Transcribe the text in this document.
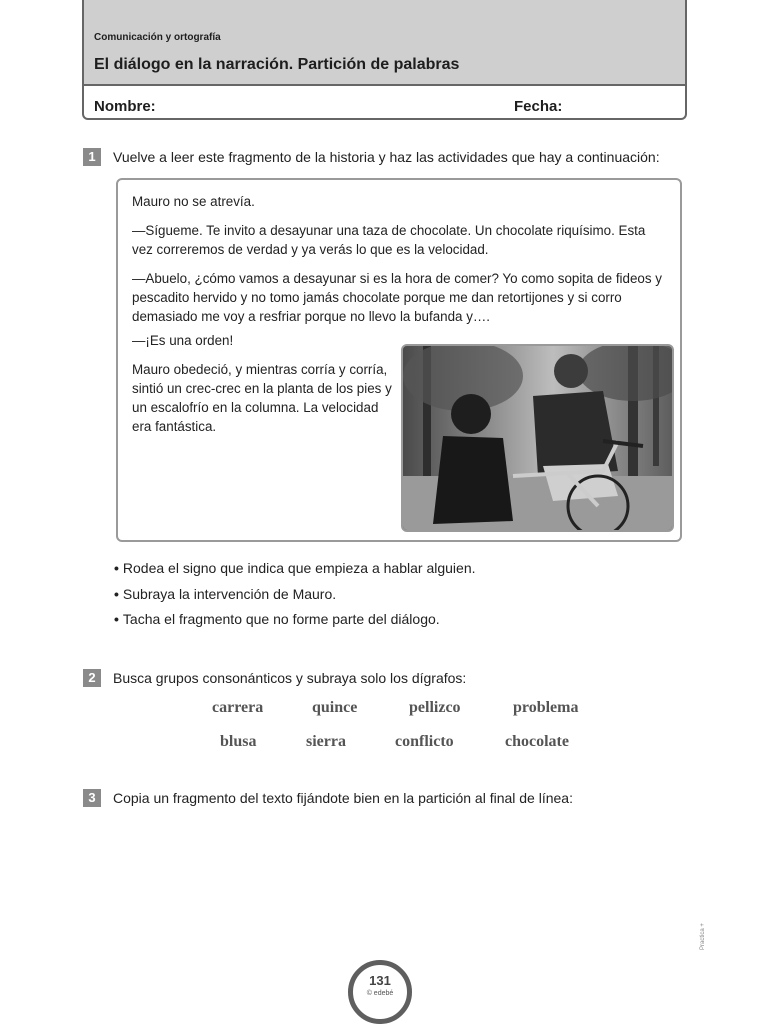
Comunicación y ortografía
El diálogo en la narración. Partición de palabras
Nombre:	Fecha:
1	Vuelve a leer este fragmento de la historia y haz las actividades que hay a continuación:
Mauro no se atrevía.
—Sígueme. Te invito a desayunar una taza de chocolate. Un chocolate riquísimo. Esta vez correremos de verdad y ya verás lo que es la velocidad.
—Abuelo, ¿cómo vamos a desayunar si es la hora de comer? Yo como sopita de fideos y pescadito hervido y no tomo jamás chocolate porque me dan retortijones y si corro demasiado me voy a resfriar porque no llevo la bufanda y….
—¡Es una orden!
Mauro obedeció, y mientras corría y corría, sintió un crec-crec en la planta de los pies y un escalofrío en la columna. La velocidad era fantástica.
• Rodea el signo que indica que empieza a hablar alguien.
• Subraya la intervención de Mauro.
• Tacha el fragmento que no forme parte del diálogo.
2	Busca grupos consonánticos y subraya solo los dígrafos:
carrera	quince	pellizco	problema
blusa	sierra	conflicto	chocolate
3	Copia un fragmento del texto fijándote bien en la partición al final de línea:
Practica +
131
© edebé
